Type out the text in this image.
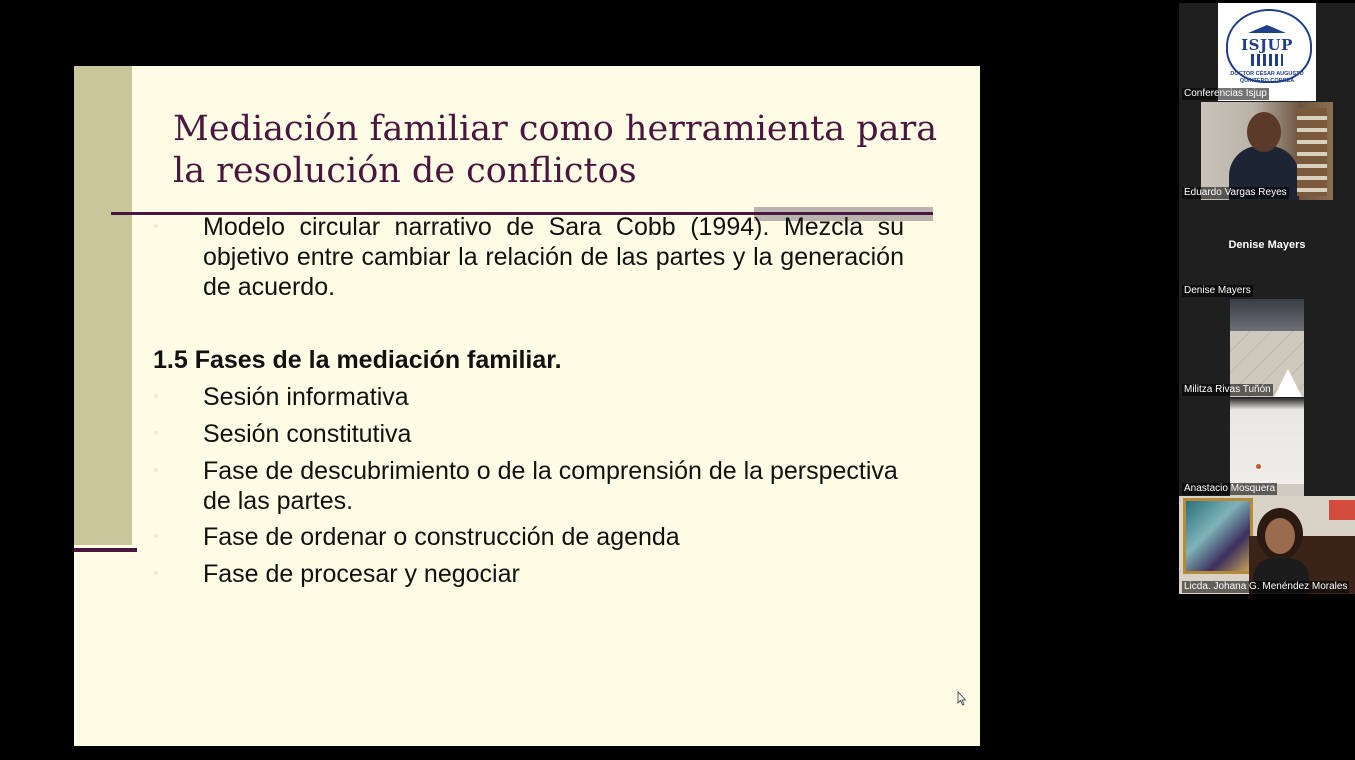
Mediación familiar como herramienta para la resolución de conflictos
• Modelo circular narrativo de Sara Cobb (1994). Mezcla su objetivo entre cambiar la relación de las partes y la generación de acuerdo.
1.5 Fases de la mediación familiar.
• Sesión informativa
• Sesión constitutiva
• Fase de descubrimiento o de la comprensión de la perspectiva de las partes.
• Fase de ordenar o construcción de agenda
• Fase de procesar y negociar
ISJUP
DOCTOR CÉSAR AUGUSTO QUINTERO CORREA
Conferencias Isjup
Eduardo Vargas Reyes
Denise Mayers
Denise Mayers
Militza Rivas Tuñón
Anastacio Mosquera
Licda. Johana G. Menéndez Morales
